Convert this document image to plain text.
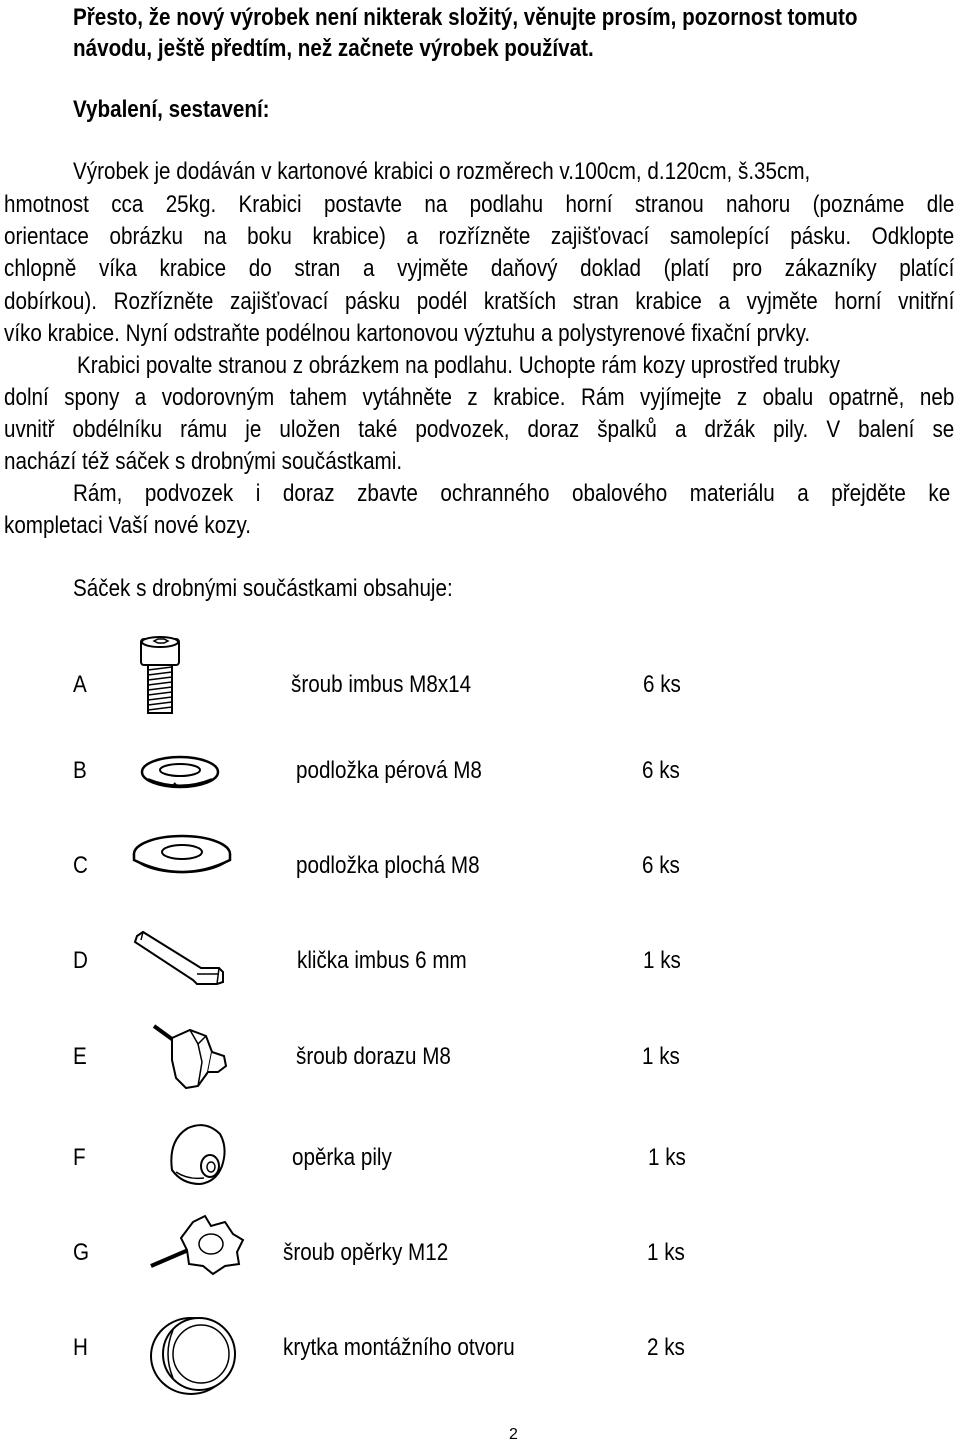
Přesto, že nový výrobek není nikterak složitý, věnujte prosím, pozornost tomuto
návodu, ještě předtím, než začnete výrobek používat.
Vybalení, sestavení:
Výrobek je dodáván v kartonové krabici o rozměrech v.100cm, d.120cm, š.35cm,
hmotnost cca 25kg. Krabici postavte na podlahu horní stranou nahoru (poznáme dle
orientace obrázku na boku krabice) a rozřízněte zajišťovací samolepící pásku. Odklopte
chlopně víka krabice do stran a vyjměte daňový doklad (platí pro zákazníky platící
dobírkou). Rozřízněte zajišťovací pásku podél kratších stran krabice a vyjměte horní vnitřní
víko krabice. Nyní odstraňte podélnou kartonovou výztuhu a polystyrenové fixační prvky.
Krabici povalte stranou z obrázkem na podlahu. Uchopte rám kozy uprostřed trubky
dolní spony a vodorovným tahem vytáhněte z krabice. Rám vyjímejte z obalu opatrně, neb
uvnitř obdélníku rámu je uložen také podvozek, doraz špalků a držák pily. V balení se
nachází též sáček s drobnými součástkami.
Rám, podvozek i doraz zbavte ochranného obalového materiálu a přejděte ke
kompletaci Vaší nové kozy.
Sáček s drobnými součástkami obsahuje:
A	šroub imbus M8x14	6 ks
B	podložka pérová M8	6 ks
C	podložka plochá M8	6 ks
D	klička imbus 6 mm	1 ks
E	šroub dorazu M8	1 ks
F	opěrka pily	1 ks
G	šroub opěrky M12	1 ks
H	krytka montážního otvoru	2 ks
2
